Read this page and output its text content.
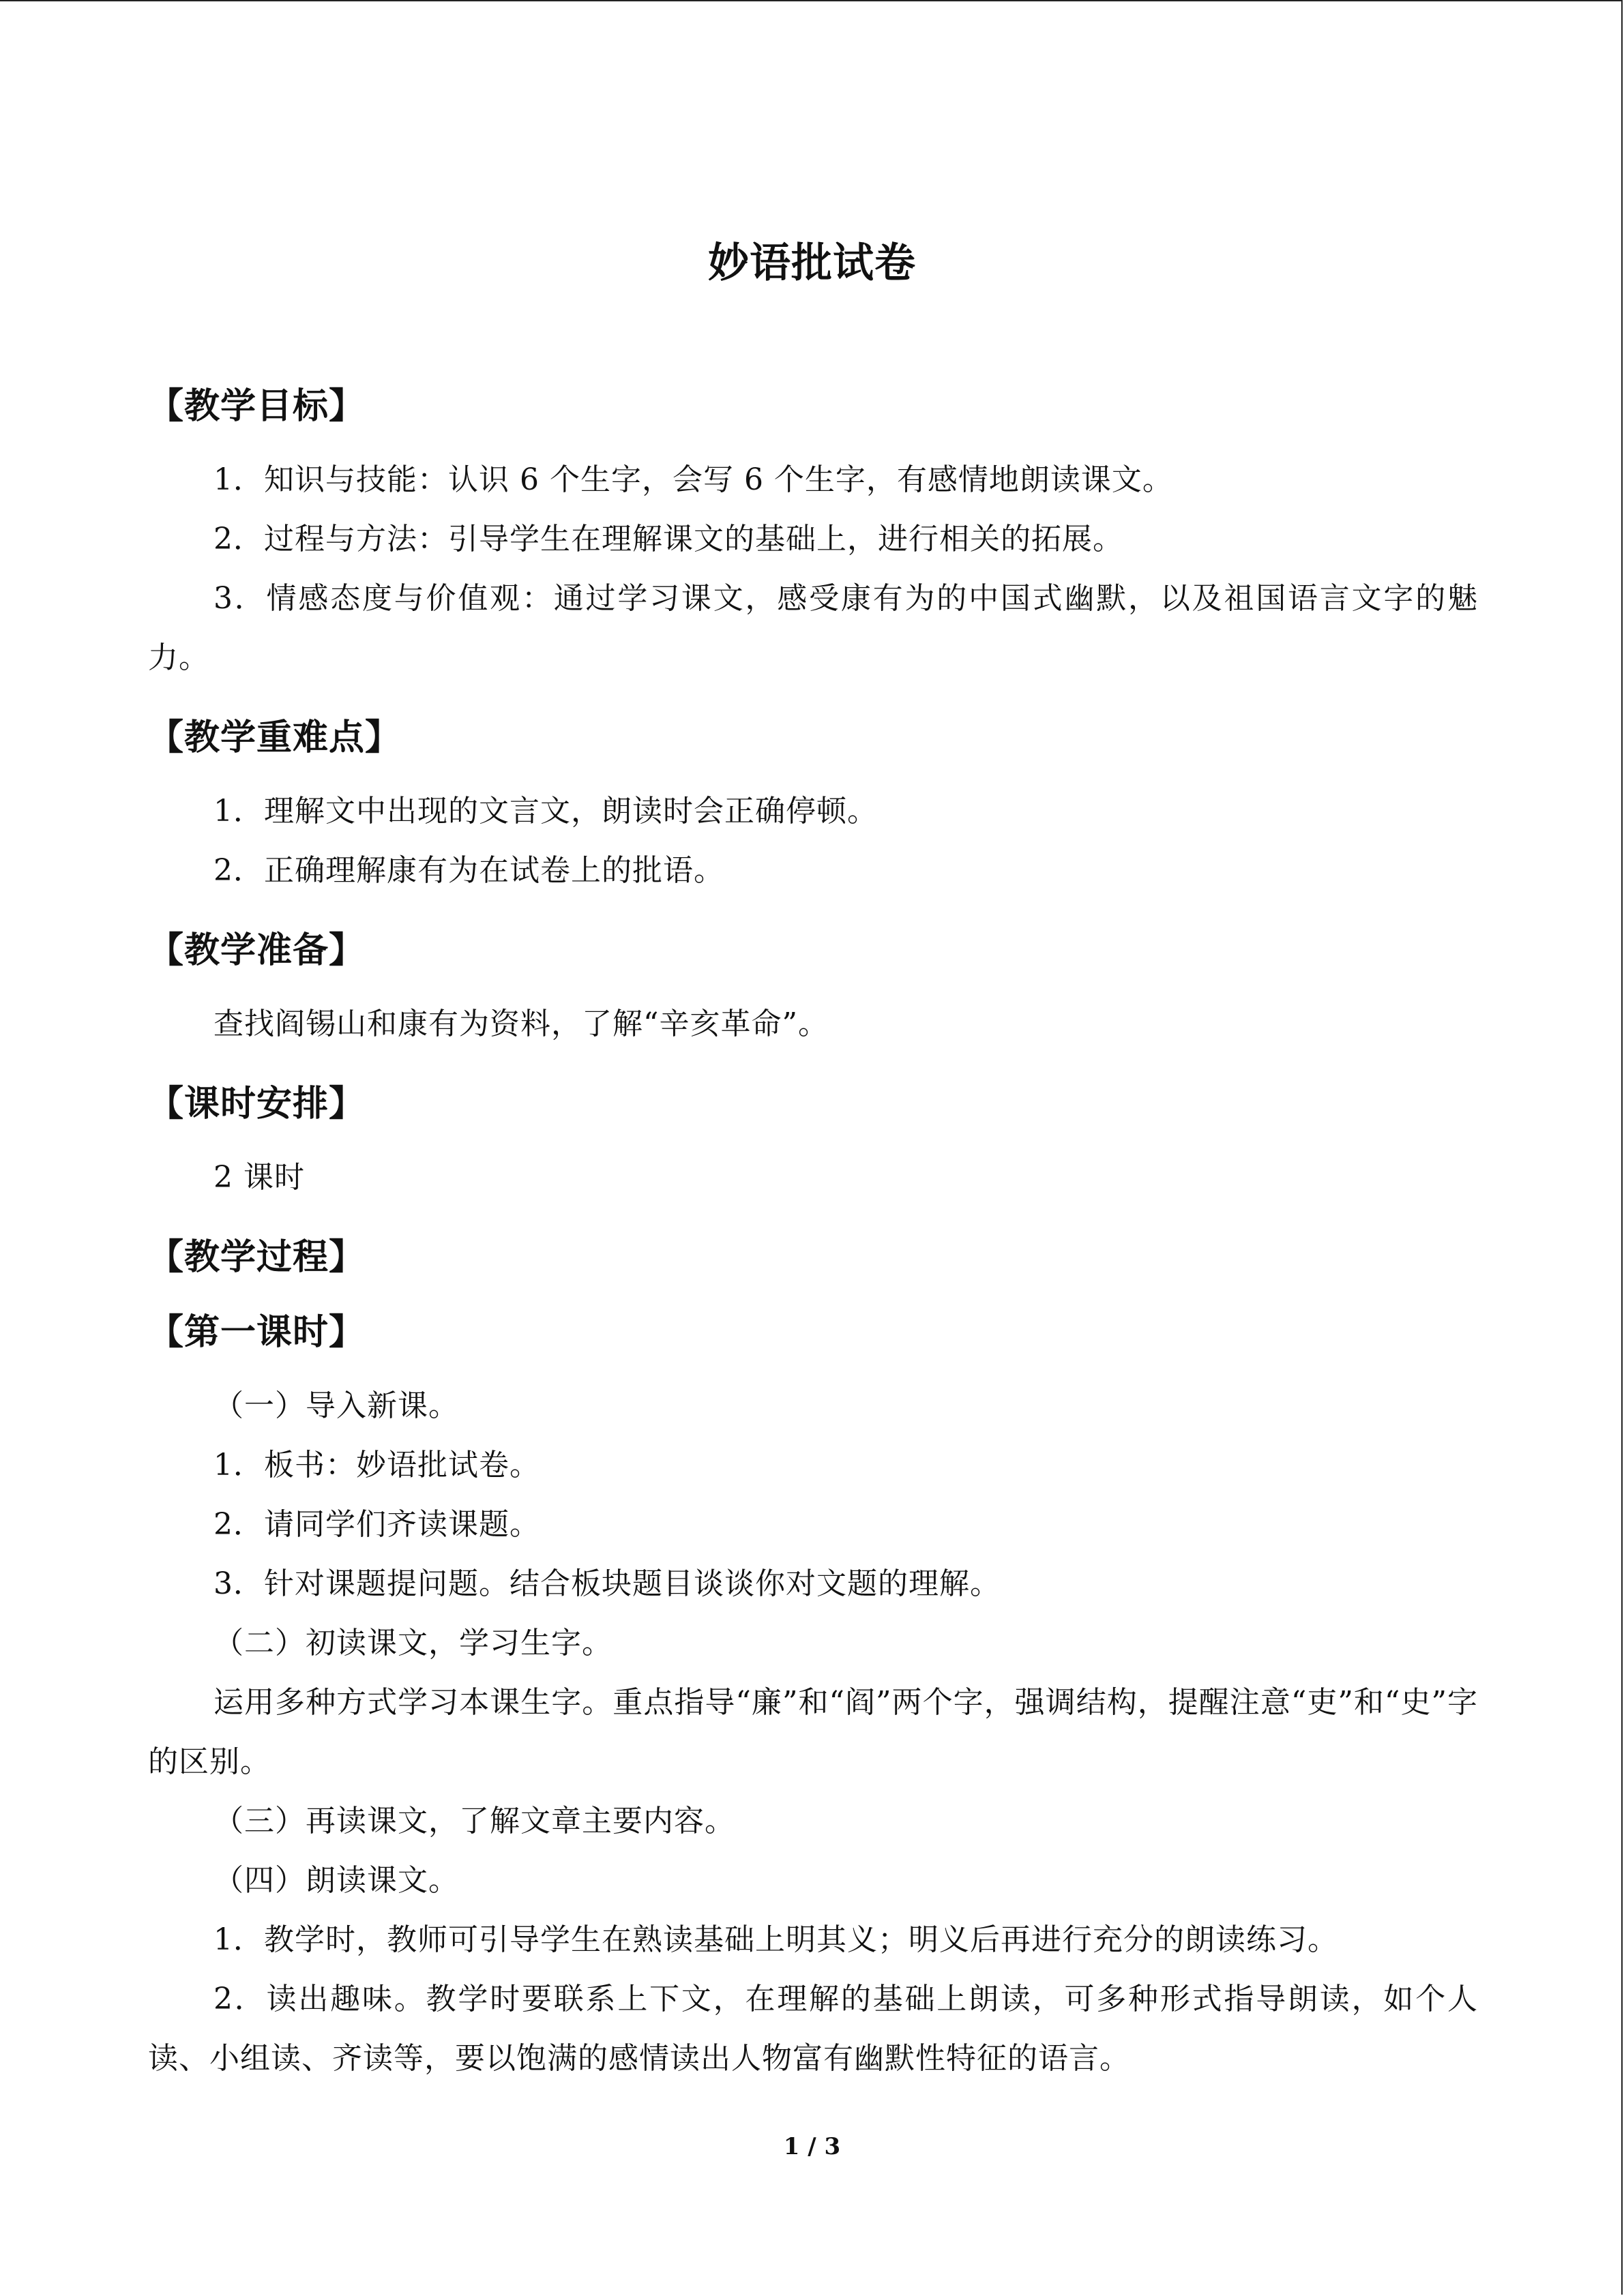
妙语批试卷
【教学目标】

1．知识与技能：认识 6 个生字，会写 6 个生字，有感情地朗读课文。

2．过程与方法：引导学生在理解课文的基础上，进行相关的拓展。

3．情感态度与价值观：通过学习课文，感受康有为的中国式幽默，以及祖国语言文字的魅力。

【教学重难点】

1．理解文中出现的文言文，朗读时会正确停顿。

2．正确理解康有为在试卷上的批语。

【教学准备】

查找阎锡山和康有为资料，了解“辛亥革命”。

【课时安排】

2 课时

【教学过程】
【第一课时】

（一）导入新课。

1．板书：妙语批试卷。

2．请同学们齐读课题。

3．针对课题提问题。结合板块题目谈谈你对文题的理解。

（二）初读课文，学习生字。

运用多种方式学习本课生字。重点指导“廉”和“阎”两个字，强调结构，提醒注意“吏”和“史”字的区别。

（三）再读课文，了解文章主要内容。

（四）朗读课文。

1．教学时，教师可引导学生在熟读基础上明其义；明义后再进行充分的朗读练习。

2．读出趣味。教学时要联系上下文，在理解的基础上朗读，可多种形式指导朗读，如个人读、小组读、齐读等，要以饱满的感情读出人物富有幽默性特征的语言。

1 / 3
